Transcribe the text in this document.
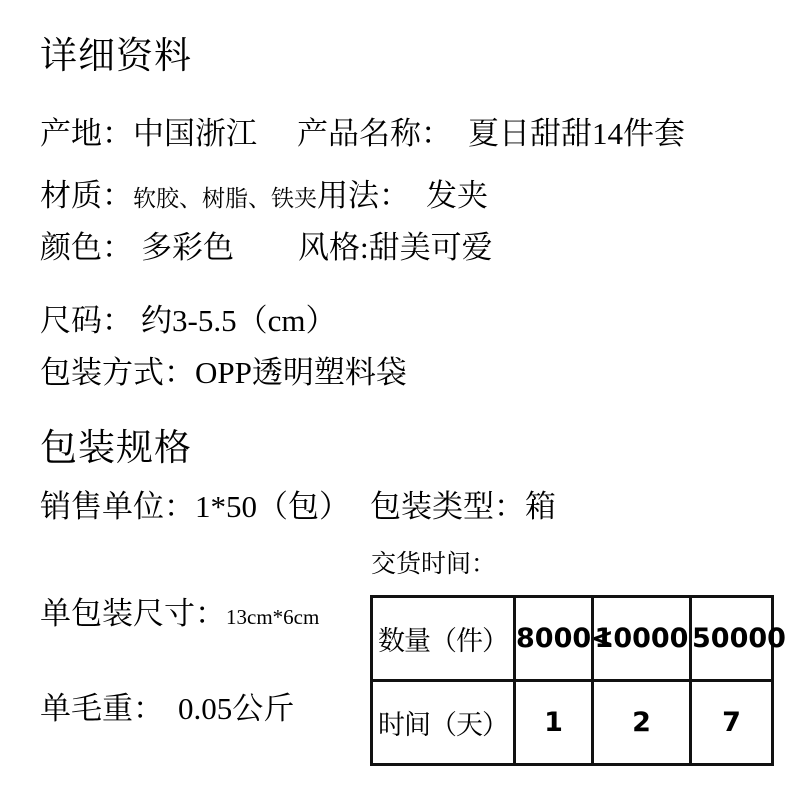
详细资料
产地：中国浙江 产品名称： 夏日甜甜14件套
材质：软胶、树脂、铁夹用法： 发夹
颜色： 多彩色 风格:甜美可爱
尺码： 约3-5.5（cm）
包装方式：OPP透明塑料袋
包装规格
销售单位：1*50（包） 包装类型：箱
单包装尺寸：13cm*6cm
单毛重： 0.05公斤
交货时间：
数量（件）	8000<	10000	50000
时间（天）	1	2	7
